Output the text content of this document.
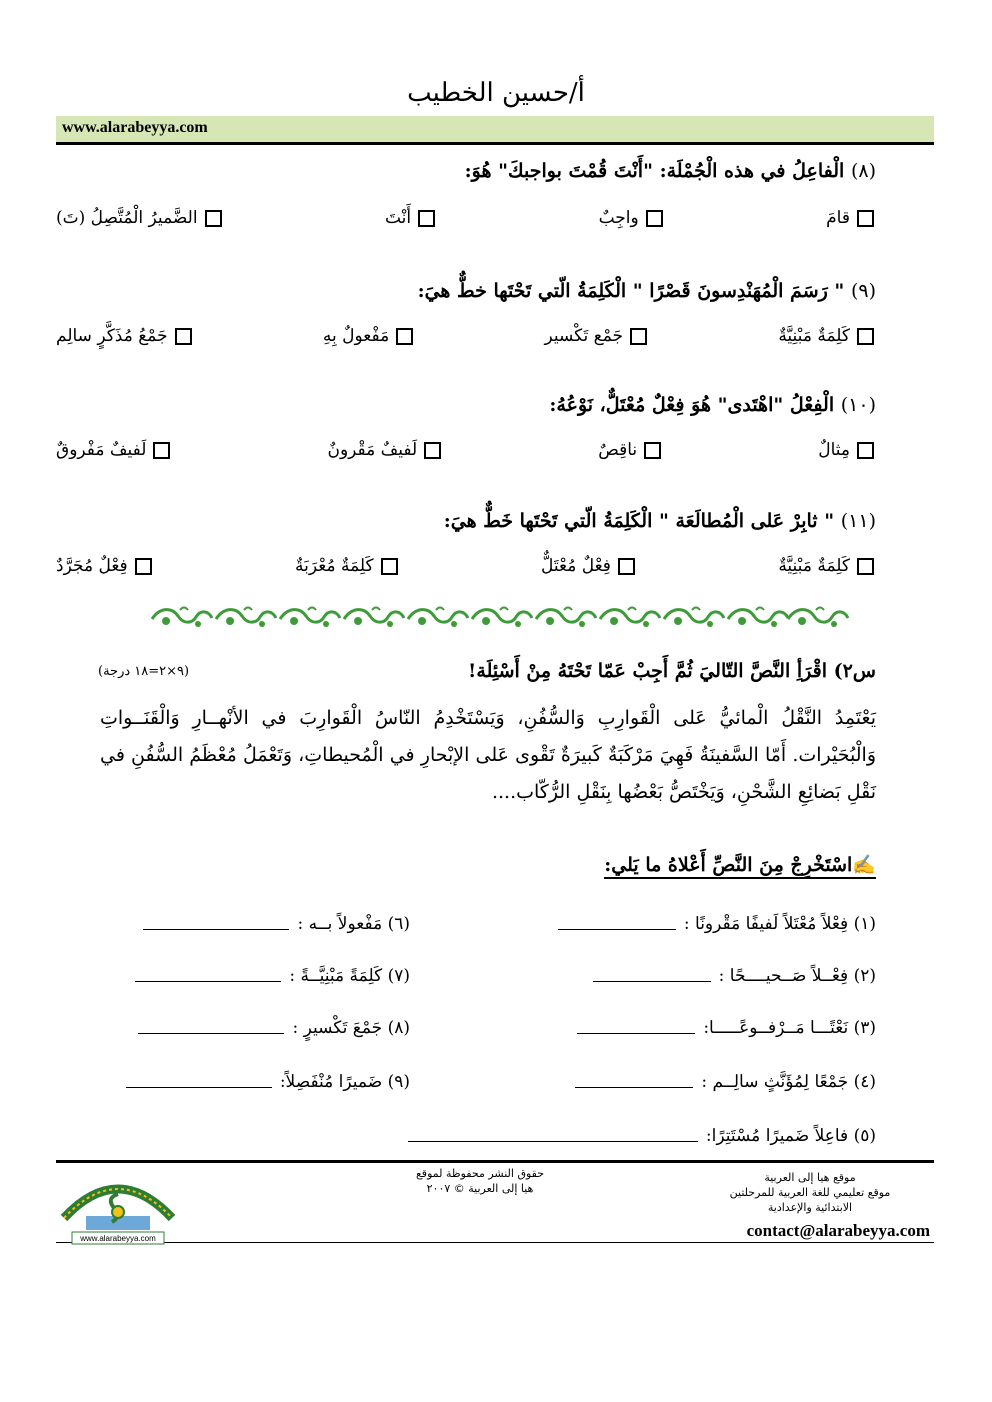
أ/حسين الخطيب
www.alarabeyya.com
(٨) الْفاعِلُ في هذه الْجُمْلَة: "أَنْتَ قُمْتَ بواجبكَ" هُوَ:
الضَّميرُ الْمُتَّصِلُ (تَ)	أَنْتَ	واجِبٌ	قامَ
(٩) " رَسَمَ الْمُهَنْدِسونَ قَصْرًا " الْكَلِمَةُ الّتي تَحْتَها خطٌّ هيَ:
جَمْعُ مُذَكَّرٍ سالِم	مَفْعولٌ بِهِ	جَمْع تَكْسير	كَلِمَةٌ مَبْنِيَّةٌ
(١٠) الْفِعْلُ "اهْتَدى" هُوَ فِعْلٌ مُعْتَلٌّ، نَوْعُهُ:
لَفيفٌ مَفْروقٌ	لَفيفٌ مَقْرونٌ	ناقِصٌ	مِثالٌ
(١١) " ثابِرْ عَلى الْمُطالَعَة " الْكَلِمَةُ الّتي تَحْتَها خَطٌّ هيَ:
فِعْلٌ مُجَرَّدٌ	كَلِمَةٌ مُعْرَبَةٌ	فِعْلٌ مُعْتَلٌّ	كَلِمَةٌ مَبْنِيَّةٌ
س٢) اقْرَأِ النَّصَّ التّاليَ ثُمَّ أَجِبْ عَمّا تَحْتَهُ مِنْ أَسْئِلَة!
(٩×٢=١٨ درجة)
يَعْتَمِدُ النَّقْلُ الْمائيُّ عَلى الْقَوارِبِ وَالسُّفُنِ، وَيَسْتَخْدِمُ النّاسُ الْقَوارِبَ في الأنْهــارِ وَالْقَنَــواتِ وَالْبُحَيْرات. أَمّا السَّفينَةُ فَهِيَ مَرْكَبَةٌ كَبيرَةٌ تَقْوى عَلى الإبْحارِ في الْمُحيطاتِ، وَتَعْمَلُ مُعْظَمُ السُّفُنِ في نَقْلِ بَضائِعِ الشَّحْنِ، وَيَخْتَصُّ بَعْضُها بِنَقْلِ الرُّكّاب....
✍اسْتَخْرِجْ مِنَ النَّصِّ أَعْلاهُ ما يَلي:
(١) فِعْلاً مُعْتَلاً لَفيفًا مَقْرونًا :
(٢) فِعْــلاً صَــحيــــحًا :
(٣) نَعْتًـــا مَــرْفــوعًـــــا:
(٤) جَمْعًا لِمُؤَنَّثٍ سالِــم :
(٥) فاعِلاً ضَميرًا مُسْتَتِرًا:
(٦) مَفْعولاً بــه :
(٧) كَلِمَةً مَبْنِيَّــةً :
(٨) جَمْعَ تَكْسيرٍ :
(٩) ضَميرًا مُنْفَصِلاً:
موقع هيا إلى العربية
موقع تعليمي للغة العربية للمرحلتين
الابتدائية والإعدادية
contact@alarabeyya.com
حقوق النشر محفوظة لموقع
هيا إلى العربية © ٢٠٠٧
www.alarabeyya.com
